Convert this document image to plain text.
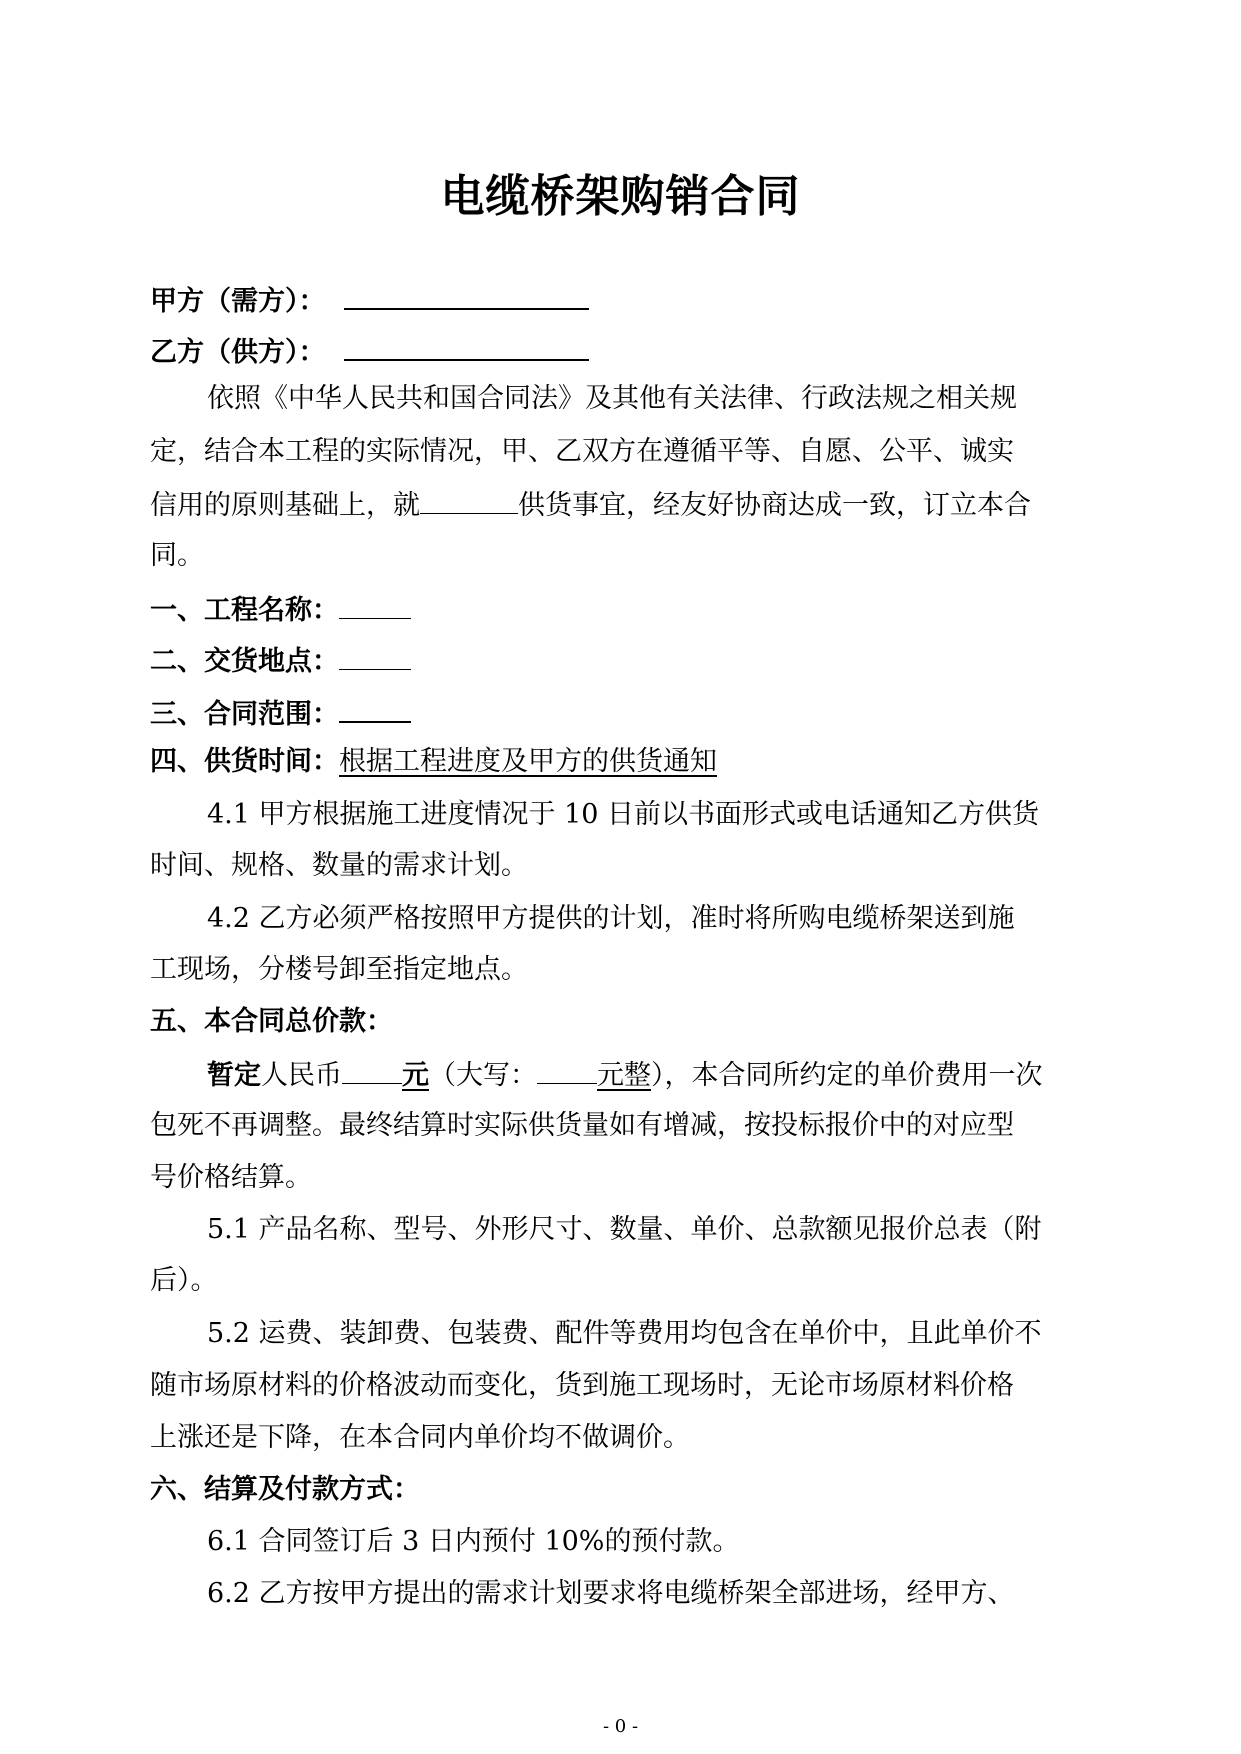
电缆桥架购销合同
甲方（需方）：
乙方（供方）：
依照《中华人民共和国合同法》及其他有关法律、行政法规之相关规
定，结合本工程的实际情况，甲、乙双方在遵循平等、自愿、公平、诚实
信用的原则基础上，就	供货事宜，经友好协商达成一致，订立本合
同。
一、工程名称：
二、交货地点：
三、合同范围：
四、供货时间：根据工程进度及甲方的供货通知
4.1 甲方根据施工进度情况于 10 日前以书面形式或电话通知乙方供货
时间、规格、数量的需求计划。
4.2 乙方必须严格按照甲方提供的计划，准时将所购电缆桥架送到施
工现场，分楼号卸至指定地点。
五、本合同总价款：
暂定人民币 元（大写： 元整），本合同所约定的单价费用一次
包死不再调整。最终结算时实际供货量如有增减，按投标报价中的对应型
号价格结算。
5.1 产品名称、型号、外形尺寸、数量、单价、总款额见报价总表（附
后）。
5.2 运费、装卸费、包装费、配件等费用均包含在单价中，且此单价不
随市场原材料的价格波动而变化，货到施工现场时，无论市场原材料价格
上涨还是下降，在本合同内单价均不做调价。
六、结算及付款方式：
6.1 合同签订后 3 日内预付 10%的预付款。
6.2 乙方按甲方提出的需求计划要求将电缆桥架全部进场，经甲方、
- 0 -
